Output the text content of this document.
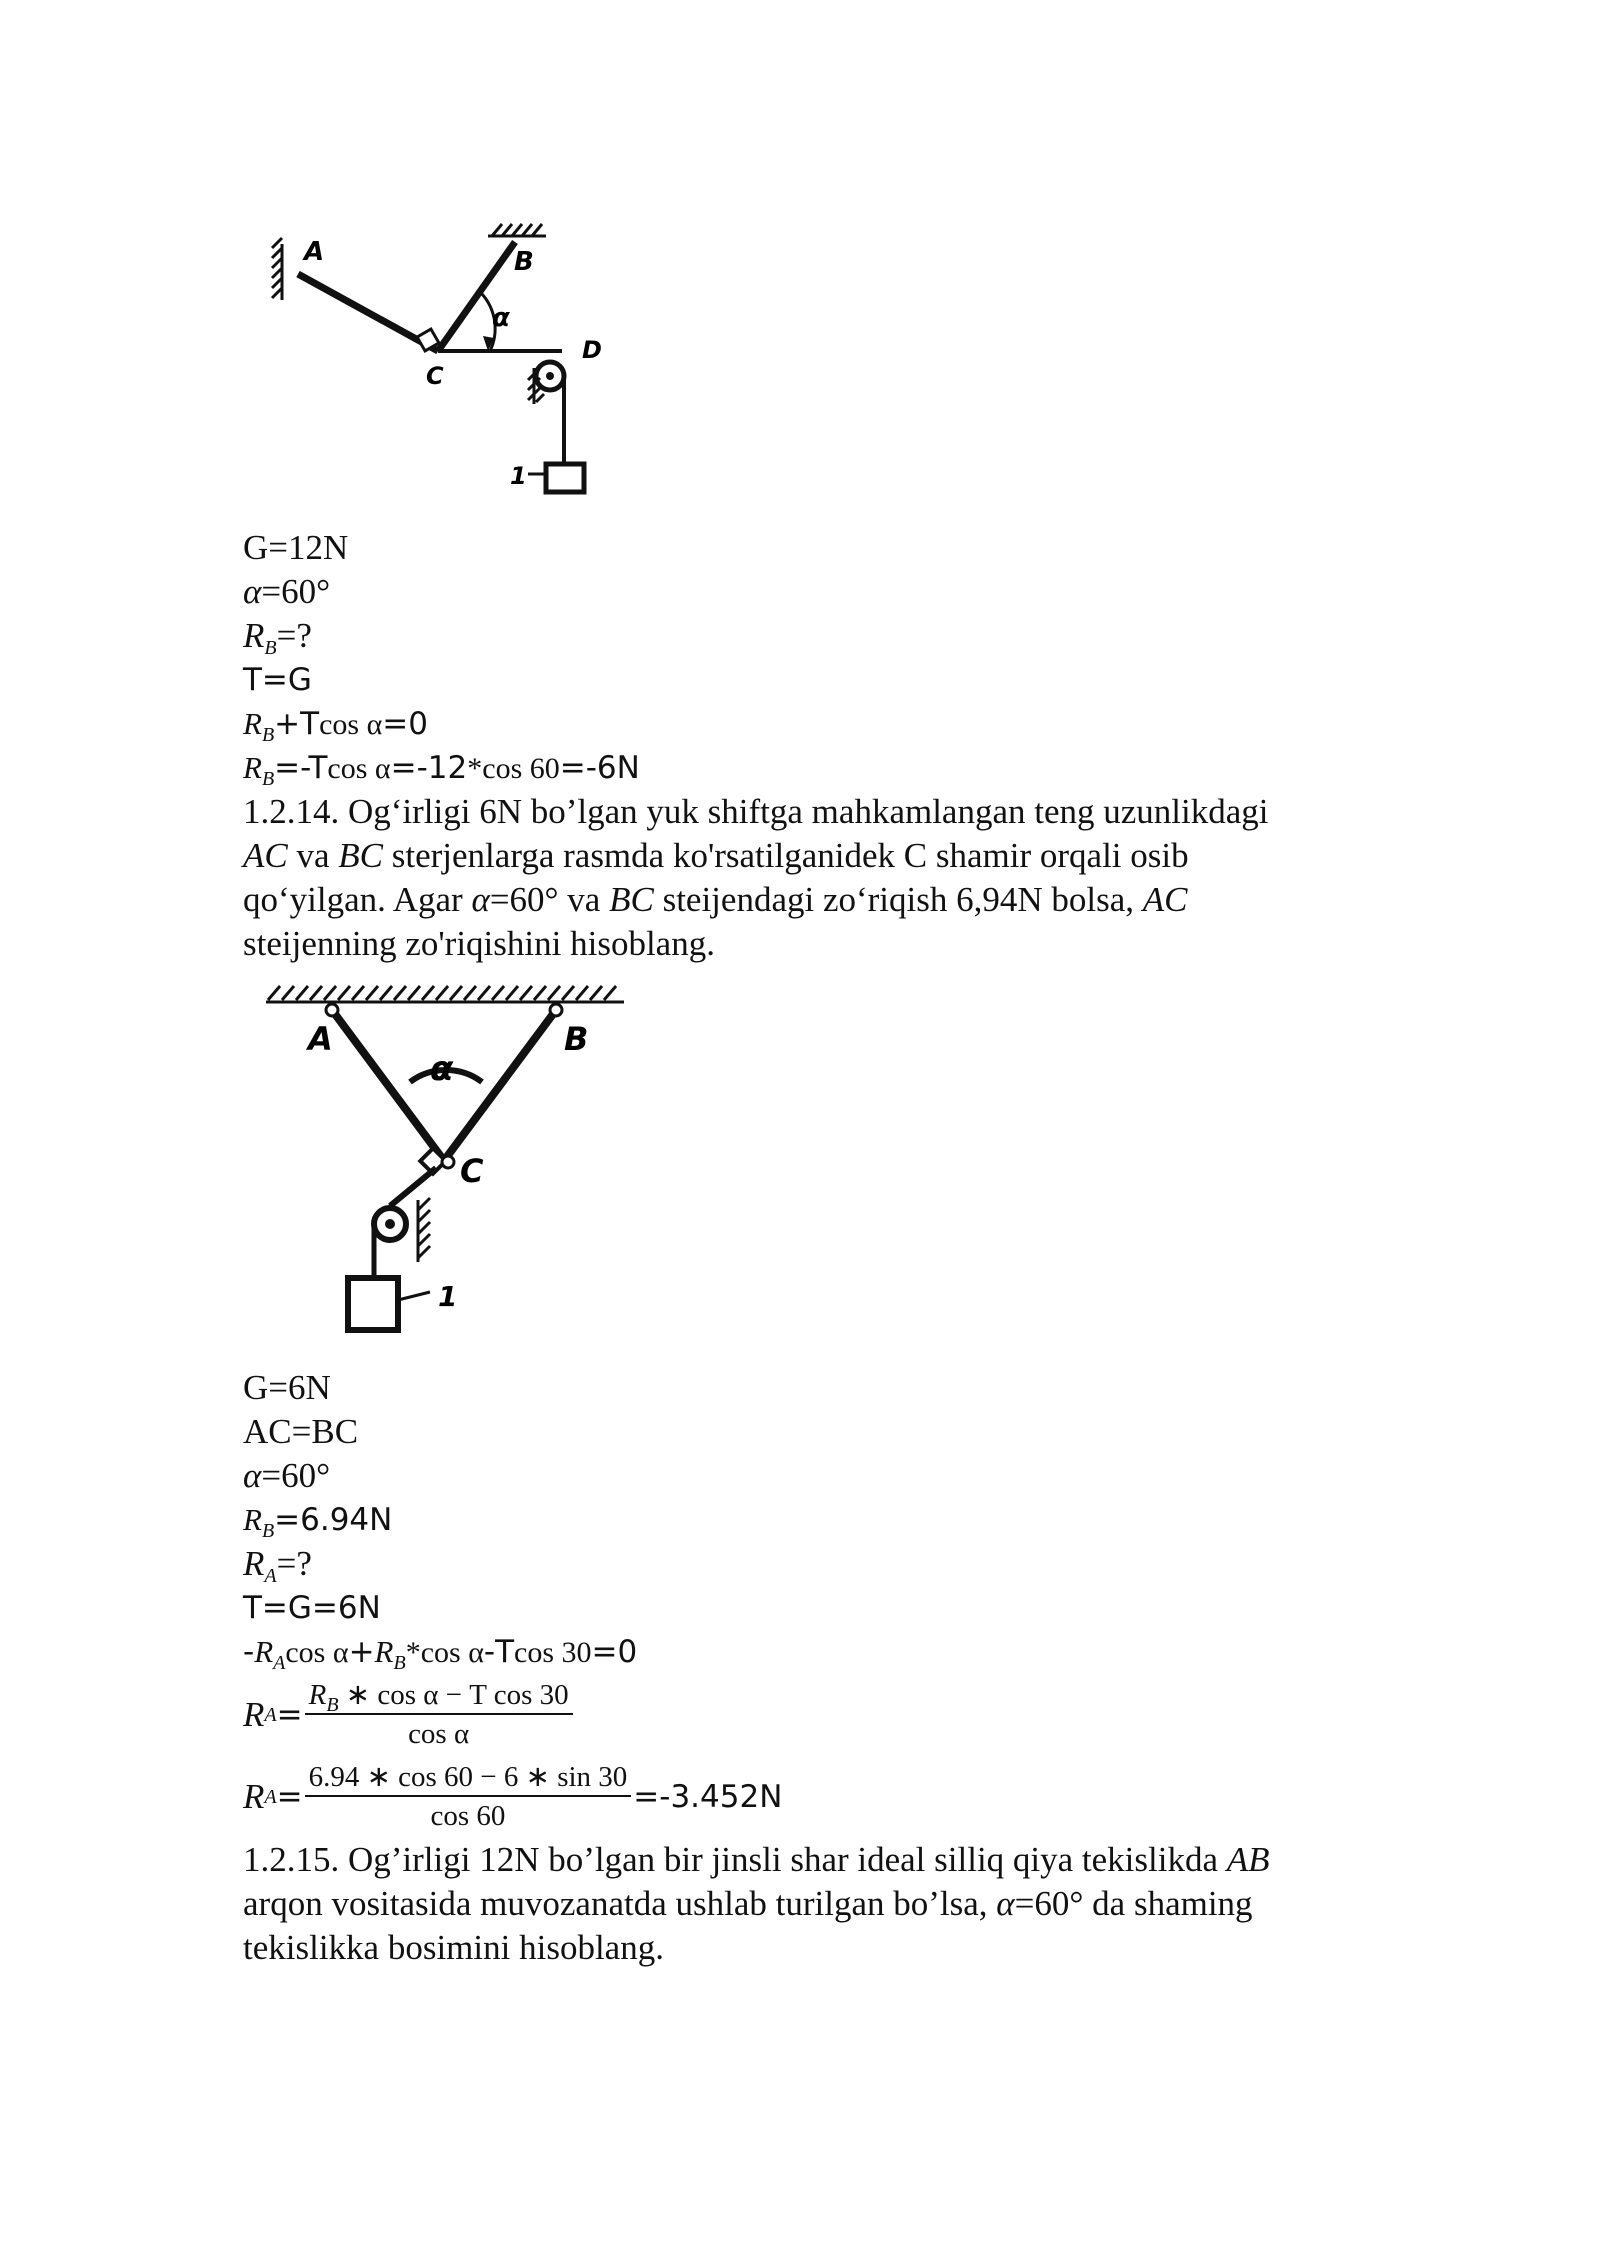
A	B
C
D
α
1
G=12N
α=60°
$R_B=$?
T=G
$R_B+Tcos$ α=0
$R_B=$-Tcos α=-12*cos 60=-6N
1.2.14. Og‘irligi 6N bo’lgan yuk shiftga mahkamlangan teng uzunlikdagi
AC va BC sterjenlarga rasmda ko'rsatilganidek C shamir orqali osib
qo‘yilgan. Agar α=60° va BC steijendagi zo‘riqish 6,94N bolsa, AC
steijenning zo'riqishini hisoblang.
A	B
C
α
1
G=6N
AC=BC
α=60°
$R_B=6.94N$
$R_A=$?
T=G=6N
$-R_A\cos$ $\alpha+R_B*\cos$ α-Tcos 30=0
R $A = \frac{R_B ∗ \cos \alpha - T \cos 30}{\text{cos α}}$
R $A = \frac{6.94 ∗ \cos 60 - 6 ∗ \sin 30}{\cos 60} =-3.452N$
1.2.15. Og’irligi 12N bo’lgan bir jinsli shar ideal silliq qiya tekislikda AB
arqon vositasida muvozanatda ushlab turilgan bo’lsa, α=60° da shaming
tekislikka bosimini hisoblang.
